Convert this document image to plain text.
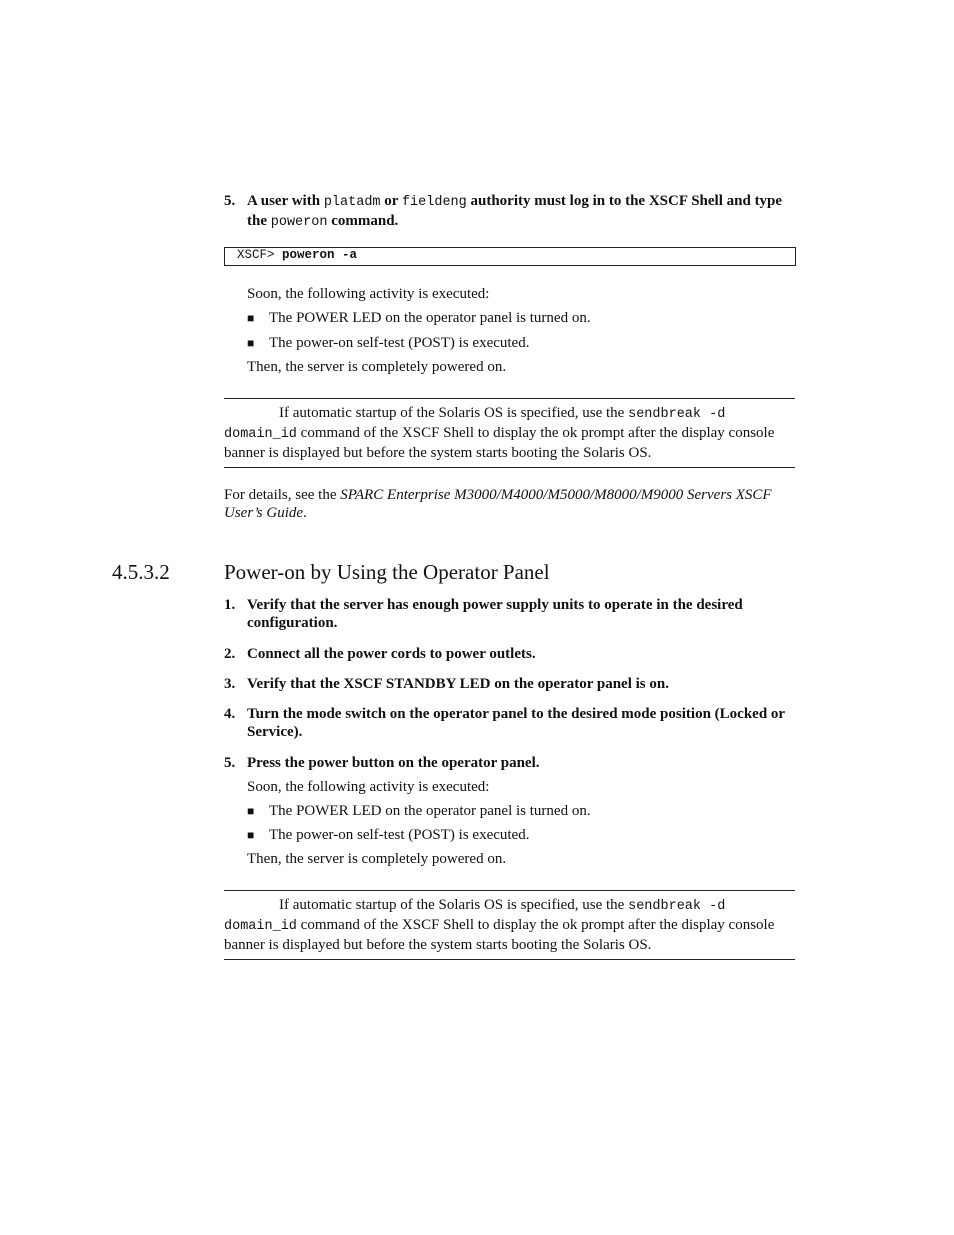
5. A user with platadm or fieldeng authority must log in to the XSCF Shell and type the poweron command.
XSCF> poweron -a
Soon, the following activity is executed:
■ The POWER LED on the operator panel is turned on.
■ The power-on self-test (POST) is executed.
Then, the server is completely powered on.
If automatic startup of the Solaris OS is specified, use the sendbreak -d domain_id command of the XSCF Shell to display the ok prompt after the display console banner is displayed but before the system starts booting the Solaris OS.
For details, see the SPARC Enterprise M3000/M4000/M5000/M8000/M9000 Servers XSCF User’s Guide.
4.5.3.2	Power-on by Using the Operator Panel
1. Verify that the server has enough power supply units to operate in the desired configuration.
2. Connect all the power cords to power outlets.
3. Verify that the XSCF STANDBY LED on the operator panel is on.
4. Turn the mode switch on the operator panel to the desired mode position (Locked or Service).
5. Press the power button on the operator panel.
Soon, the following activity is executed:
■ The POWER LED on the operator panel is turned on.
■ The power-on self-test (POST) is executed.
Then, the server is completely powered on.
If automatic startup of the Solaris OS is specified, use the sendbreak -d domain_id command of the XSCF Shell to display the ok prompt after the display console banner is displayed but before the system starts booting the Solaris OS.
